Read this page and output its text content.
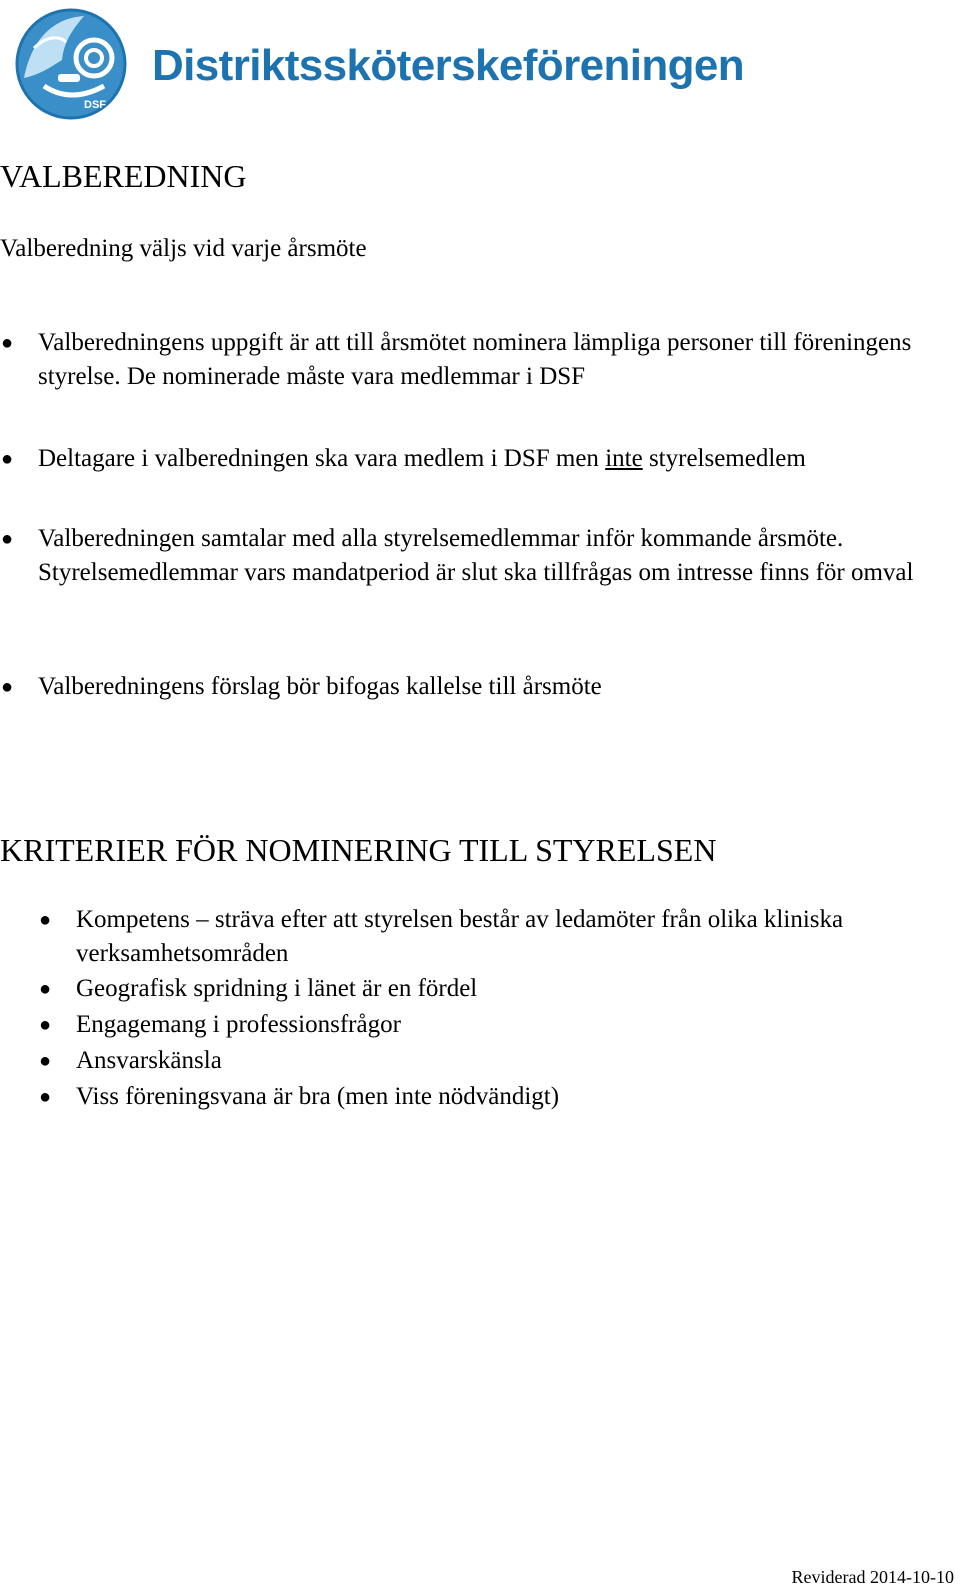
DSF
Distriktssköterskeföreningen
VALBEREDNING

Valberedning väljs vid varje årsmöte

● Valberedningens uppgift är att till årsmötet nominera lämpliga personer till föreningens styrelse. De nominerade måste vara medlemmar i DSF
● Deltagare i valberedningen ska vara medlem i DSF men inte styrelsemedlem
● Valberedningen samtalar med alla styrelsemedlemmar inför kommande årsmöte. Styrelsemedlemmar vars mandatperiod är slut ska tillfrågas om intresse finns för omval
● Valberedningens förslag bör bifogas kallelse till årsmöte
KRITERIER FÖR NOMINERING TILL STYRELSEN
● Kompetens – sträva efter att styrelsen består av ledamöter från olika kliniska verksamhetsområden
● Geografisk spridning i länet är en fördel
● Engagemang i professionsfrågor
● Ansvarskänsla
● Viss föreningsvana är bra (men inte nödvändigt)
Reviderad 2014-10-10
